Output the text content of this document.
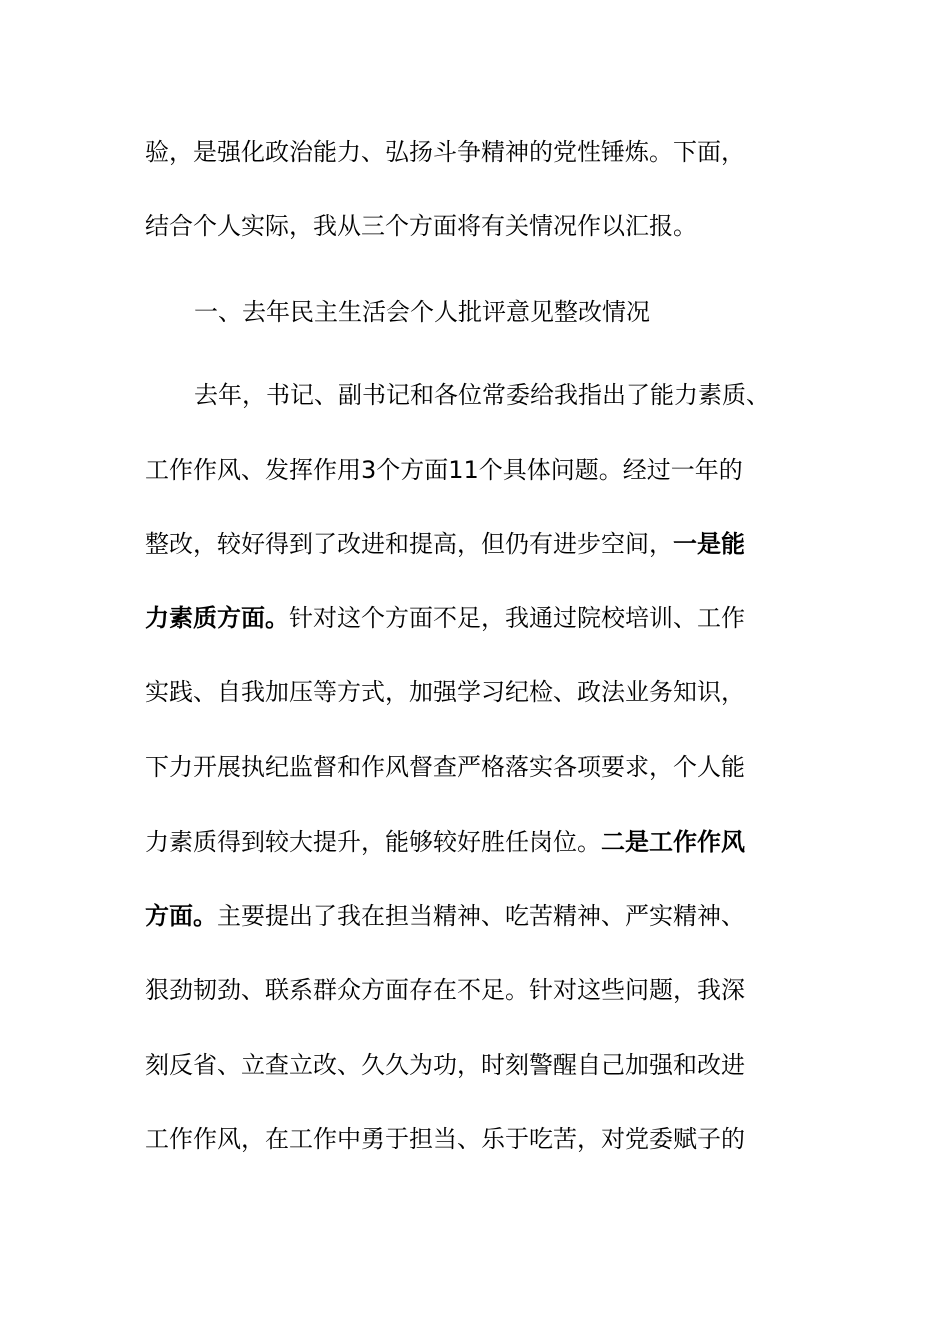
验，是强化政治能力、弘扬斗争精神的党性锤炼。下面，
结合个人实际，我从三个方面将有关情况作以汇报。
一、去年民主生活会个人批评意见整改情况
去年，书记、副书记和各位常委给我指出了能力素质、
工作作风、发挥作用3个方面11个具体问题。经过一年的
整改，较好得到了改进和提高，但仍有进步空间，一是能
力素质方面。针对这个方面不足，我通过院校培训、工作
实践、自我加压等方式，加强学习纪检、政法业务知识，
下力开展执纪监督和作风督查严格落实各项要求，个人能
力素质得到较大提升，能够较好胜任岗位。二是工作作风
方面。主要提出了我在担当精神、吃苦精神、严实精神、
狠劲韧劲、联系群众方面存在不足。针对这些问题，我深
刻反省、立查立改、久久为功，时刻警醒自己加强和改进
工作作风，在工作中勇于担当、乐于吃苦，对党委赋子的
